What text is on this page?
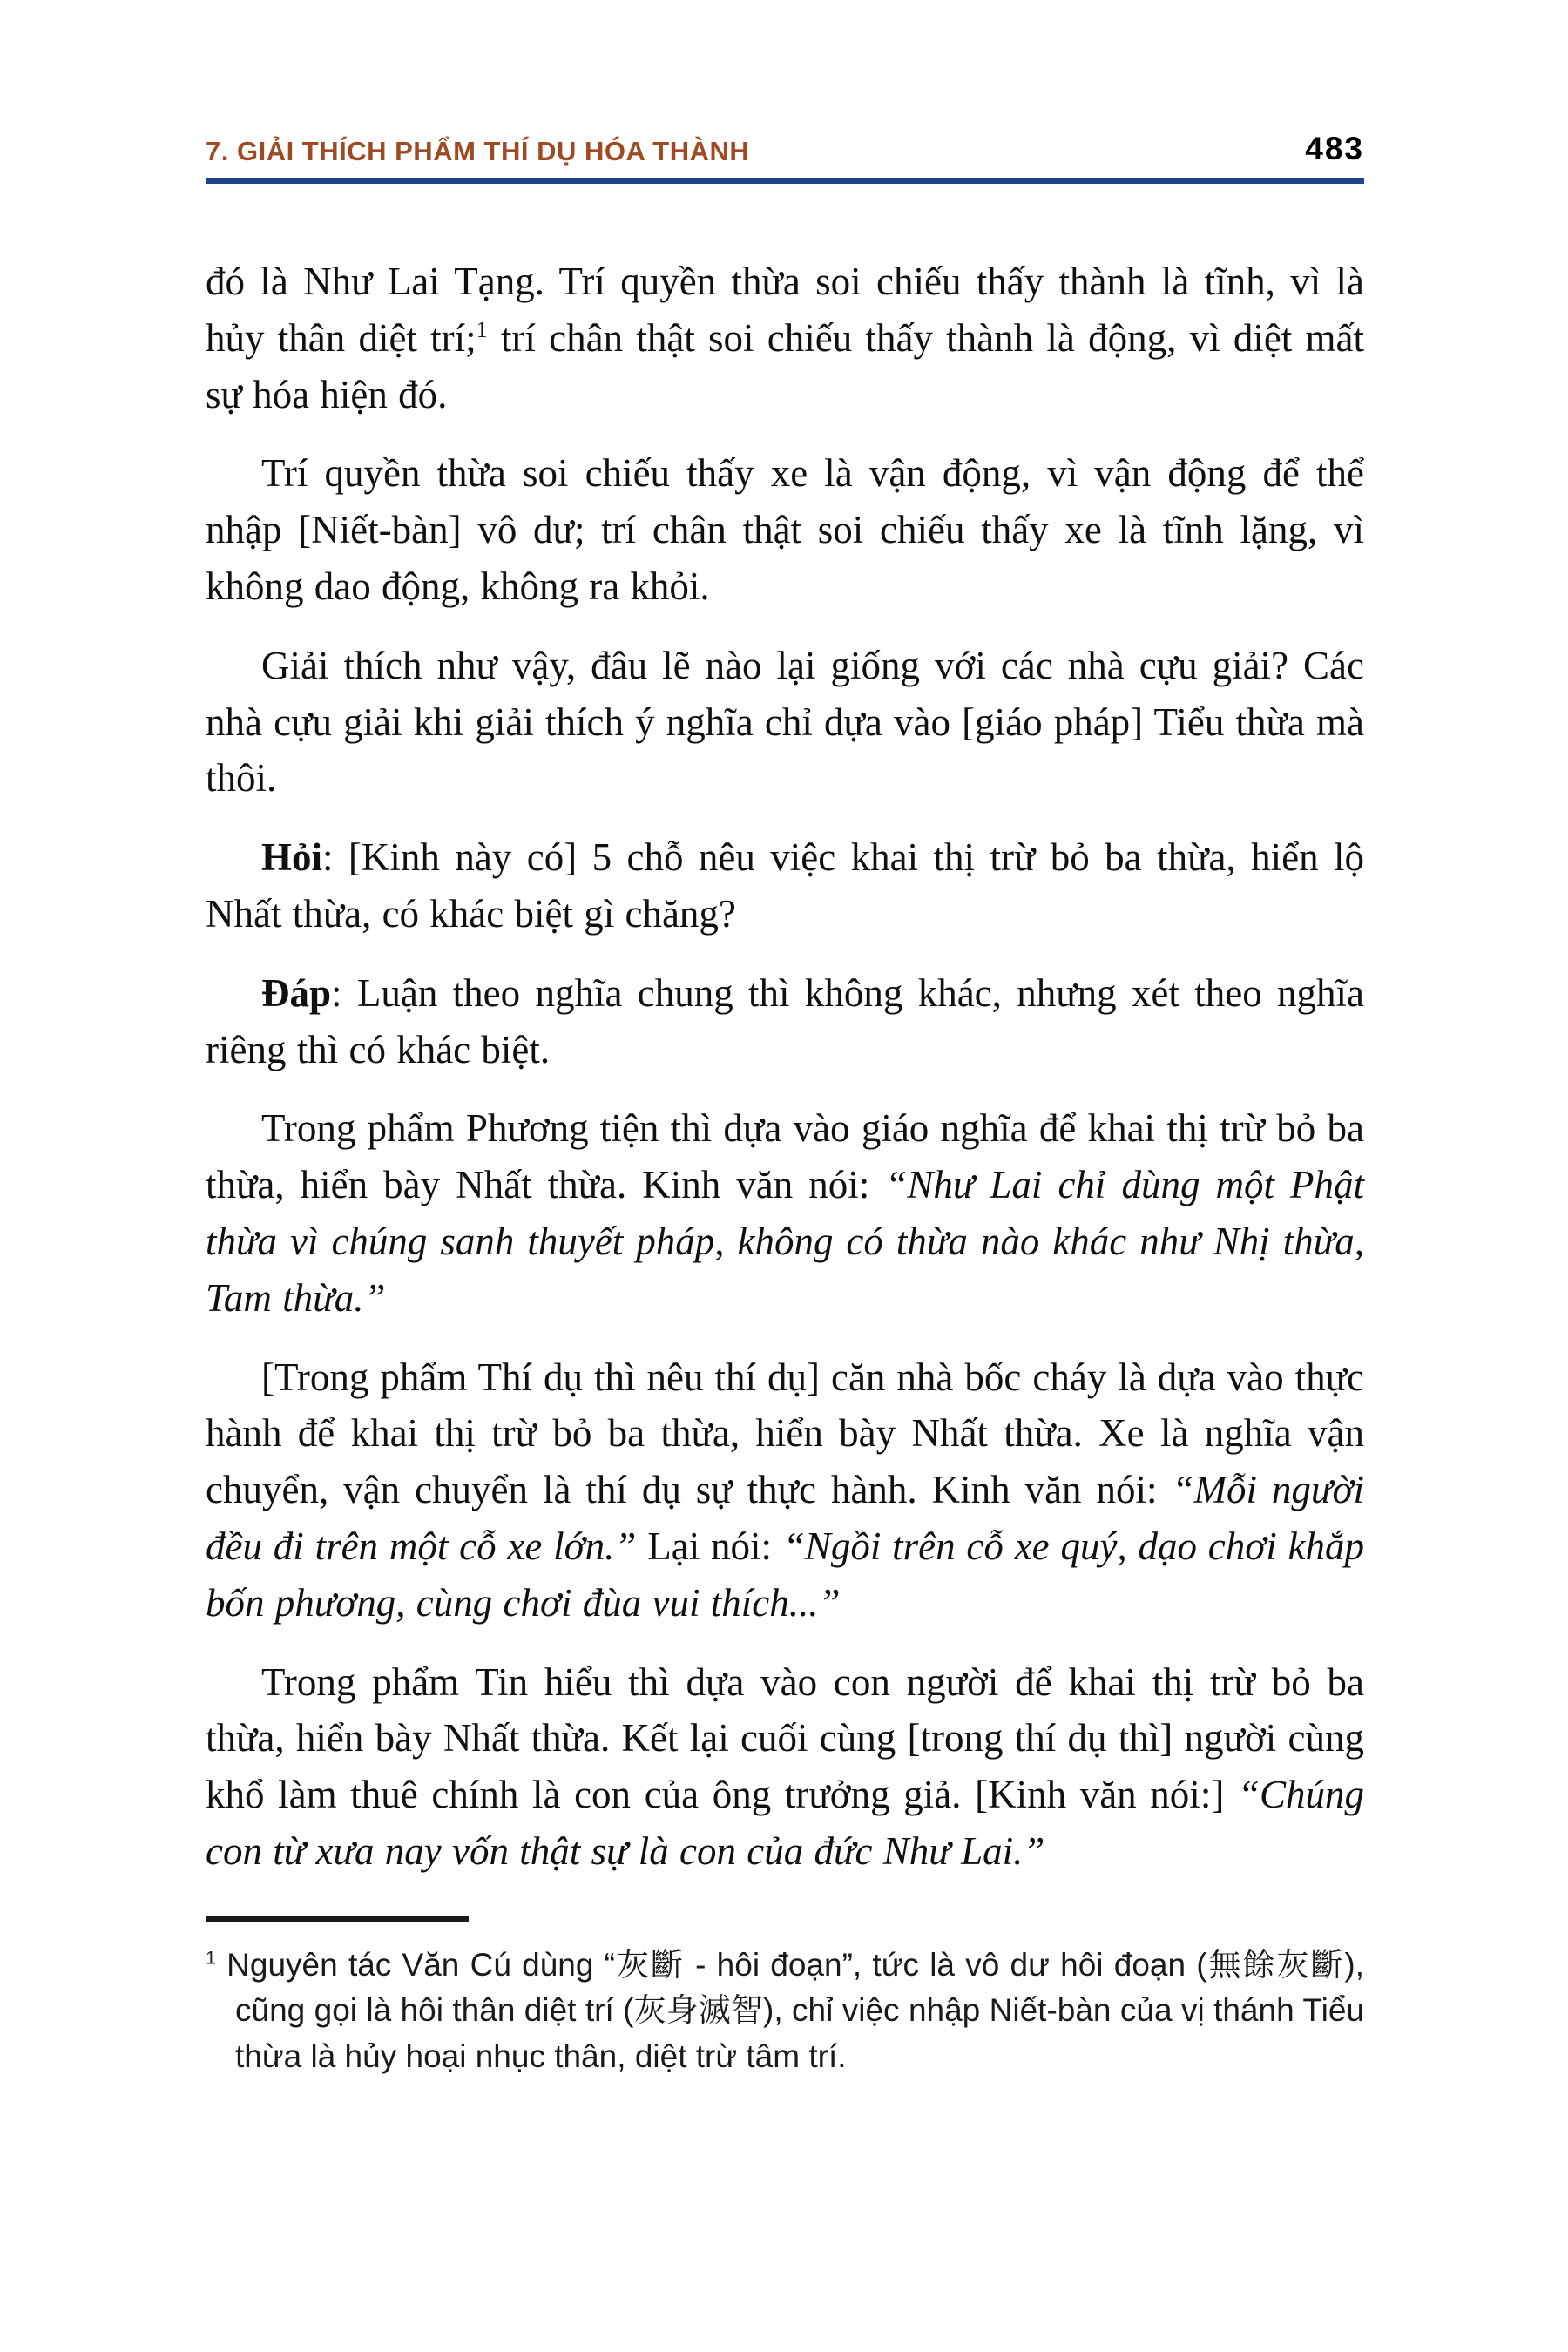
7. GIẢI THÍCH PHẨM THÍ DỤ HÓA THÀNH	483

đó là Như Lai Tạng. Trí quyền thừa soi chiếu thấy thành là tĩnh, vì là hủy thân diệt trí;$^1$ trí chân thật soi chiếu thấy thành là động, vì diệt mất sự hóa hiện đó.

Trí quyền thừa soi chiếu thấy xe là vận động, vì vận động để thể nhập [Niết-bàn] vô dư; trí chân thật soi chiếu thấy xe là tĩnh lặng, vì không dao động, không ra khỏi.

Giải thích như vậy, đâu lẽ nào lại giống với các nhà cựu giải? Các nhà cựu giải khi giải thích ý nghĩa chỉ dựa vào [giáo pháp] Tiểu thừa mà thôi.

Hỏi: [Kinh này có] 5 chỗ nêu việc khai thị trừ bỏ ba thừa, hiển lộ Nhất thừa, có khác biệt gì chăng?

Đáp: Luận theo nghĩa chung thì không khác, nhưng xét theo nghĩa riêng thì có khác biệt.

Trong phẩm Phương tiện thì dựa vào giáo nghĩa để khai thị trừ bỏ ba thừa, hiển bày Nhất thừa. Kinh văn nói: “Như Lai chỉ dùng một Phật thừa vì chúng sanh thuyết pháp, không có thừa nào khác như Nhị thừa, Tam thừa.”

[Trong phẩm Thí dụ thì nêu thí dụ] căn nhà bốc cháy là dựa vào thực hành để khai thị trừ bỏ ba thừa, hiển bày Nhất thừa. Xe là nghĩa vận chuyển, vận chuyển là thí dụ sự thực hành. Kinh văn nói: “Mỗi người đều đi trên một cỗ xe lớn.” Lại nói: “Ngồi trên cỗ xe quý, dạo chơi khắp bốn phương, cùng chơi đùa vui thích...”

Trong phẩm Tin hiểu thì dựa vào con người để khai thị trừ bỏ ba thừa, hiển bày Nhất thừa. Kết lại cuối cùng [trong thí dụ thì] người cùng khổ làm thuê chính là con của ông trưởng giả. [Kinh văn nói:] “Chúng con từ xưa nay vốn thật sự là con của đức Như Lai.”

$^1$ Nguyên tác Văn Cú dùng “灰斷 - hôi đoạn”, tức là vô dư hôi đoạn (無餘灰斷), cũng gọi là hôi thân diệt trí (灰身滅智), chỉ việc nhập Niết-bàn của vị thánh Tiểu thừa là hủy hoại nhục thân, diệt trừ tâm trí.
